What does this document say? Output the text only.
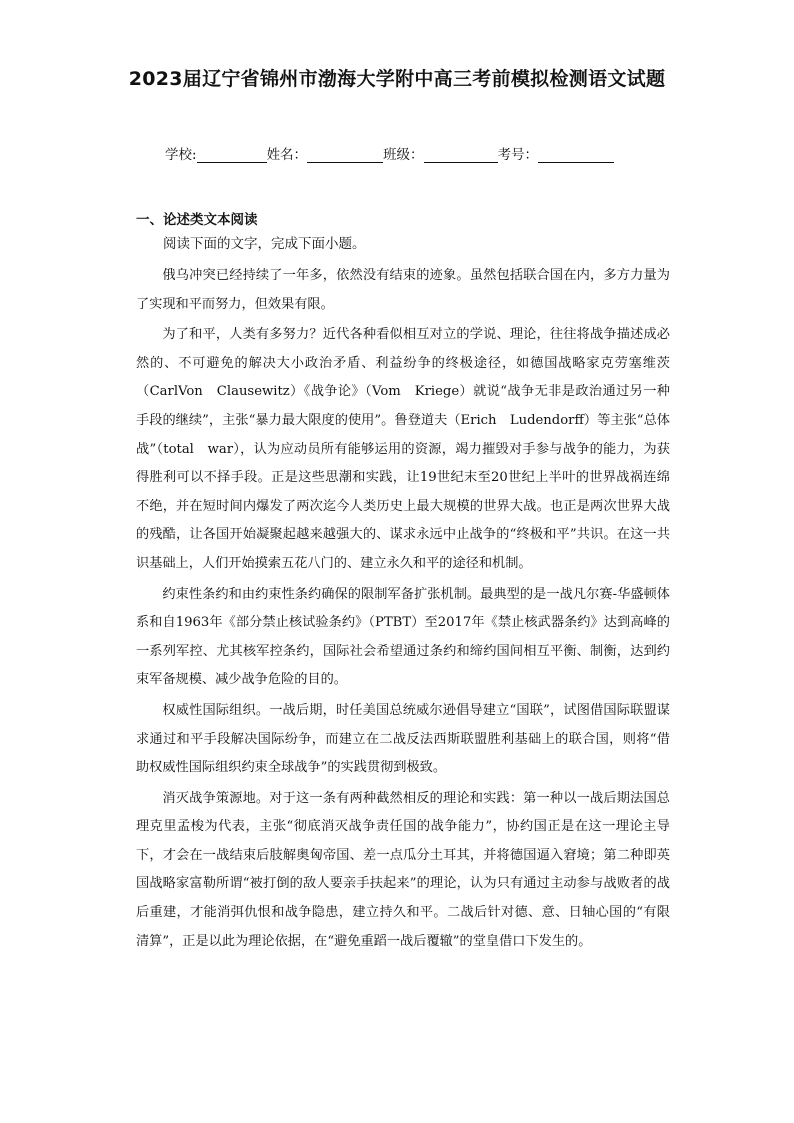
2023届辽宁省锦州市渤海大学附中高三考前模拟检测语文试题
学校:	姓名：	班级：	考号：
一、论述类文本阅读
阅读下面的文字，完成下面小题。

俄乌冲突已经持续了一年多，依然没有结束的迹象。虽然包括联合国在内，多方力量为了实现和平而努力，但效果有限。

为了和平，人类有多努力？近代各种看似相互对立的学说、理论，往往将战争描述成必然的、不可避免的解决大小政治矛盾、利益纷争的终极途径，如德国战略家克劳塞维茨（CarlVon　Clausewitz）《战争论》（Vom　Kriege）就说“战争无非是政治通过另一种手段的继续”，主张“暴力最大限度的使用”。鲁登道夫（Erich　Ludendorff）等主张“总体战”（total　war），认为应动员所有能够运用的资源，竭力摧毁对手参与战争的能力，为获得胜利可以不择手段。正是这些思潮和实践，让19世纪末至20世纪上半叶的世界战祸连绵不绝，并在短时间内爆发了两次迄今人类历史上最大规模的世界大战。也正是两次世界大战的残酷，让各国开始凝聚起越来越强大的、谋求永远中止战争的“终极和平”共识。在这一共识基础上，人们开始摸索五花八门的、建立永久和平的途径和机制。

约束性条约和由约束性条约确保的限制军备扩张机制。最典型的是一战凡尔赛-华盛顿体系和自1963年《部分禁止核试验条约》（PTBT）至2017年《禁止核武器条约》达到高峰的一系列军控、尤其核军控条约，国际社会希望通过条约和缔约国间相互平衡、制衡，达到约束军备规模、减少战争危险的目的。

权威性国际组织。一战后期，时任美国总统威尔逊倡导建立“国联”，试图借国际联盟谋求通过和平手段解决国际纷争，而建立在二战反法西斯联盟胜利基础上的联合国，则将“借助权威性国际组织约束全球战争”的实践贯彻到极致。

消灭战争策源地。对于这一条有两种截然相反的理论和实践：第一种以一战后期法国总理克里孟梭为代表，主张“彻底消灭战争责任国的战争能力”，协约国正是在这一理论主导下，才会在一战结束后肢解奥匈帝国、差一点瓜分土耳其，并将德国逼入窘境；第二种即英国战略家富勒所谓“被打倒的敌人要亲手扶起来”的理论，认为只有通过主动参与战败者的战后重建，才能消弭仇恨和战争隐患，建立持久和平。二战后针对德、意、日轴心国的“有限清算”，正是以此为理论依据，在“避免重蹈一战后覆辙”的堂皇借口下发生的。
